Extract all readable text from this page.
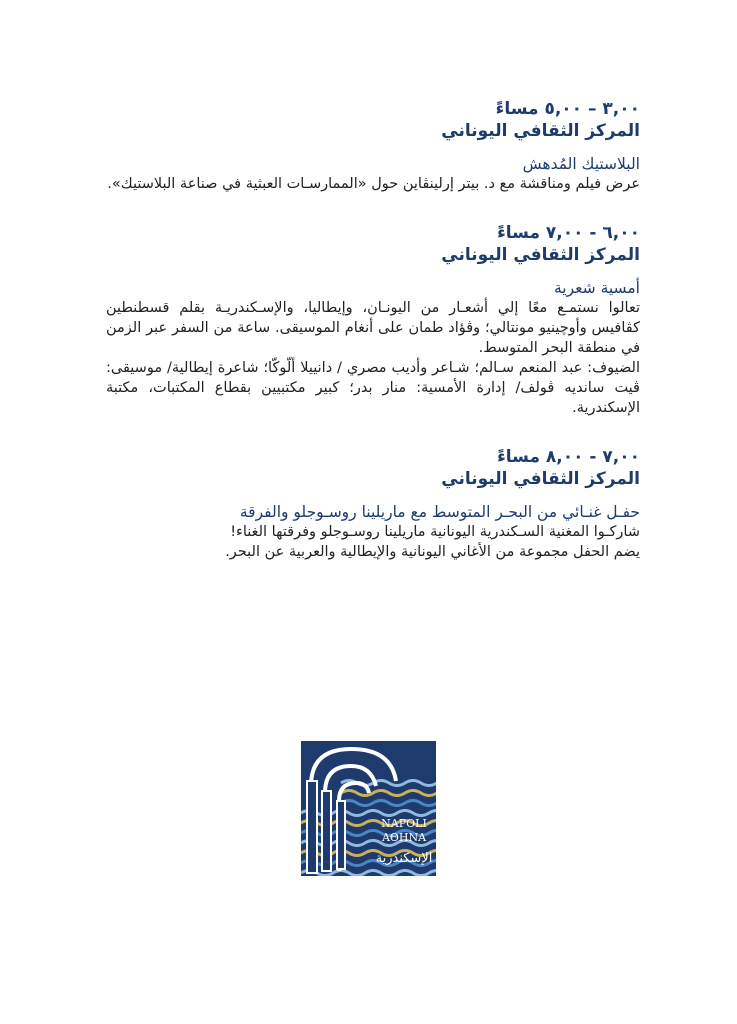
٣,٠٠ – ٥,٠٠ مساءً
المركز الثقافي اليوناني
البلاستيك المُدهش

عرض فيلم ومناقشة مع د. بيتر إرلينڤاين حول «الممارسـات العبثية في صناعة البلاستيك».

٦,٠٠ - ٧,٠٠ مساءً
المركز الثقافي اليوناني
أمسية شعرية

تعالوا نستمـع معًا إلي أشعـار من اليونـان، وإيطاليا، والإسـكندريـة بقلم قسطنطين كڤافيس وأوچينيو مونتالي؛ وڤؤاد طمان على أنغام الموسيقى. ساعة من السفر عبر الزمن في منطقة البحر المتوسط.

الضيوف: عبد المنعم سـالم؛ شـاعر وأديب مصري / دانييلا ألّوكّا؛ شاعرة إيطالية/ موسيقى: ڤيت سانديه ڤولف/ إدارة الأمسية: منار بدر؛ كبير مكتبيين بقطاع المكتبات، مكتبة الإسكندرية.

٧,٠٠ - ٨,٠٠ مساءً
المركز الثقافي اليوناني
حفـل غنـائي من البحـر المتوسط مع ماريلينا روسـوجلو والفرقة

شاركـوا المغنية السـكندرية اليونانية ماريلينا روسـوجلو وفرقتها الغناء!

يضم الحفل مجموعة من الأغاني اليونانية والإيطالية والعربية عن البحر.

NAPOLI
AΘHNA
الإسكندرية
